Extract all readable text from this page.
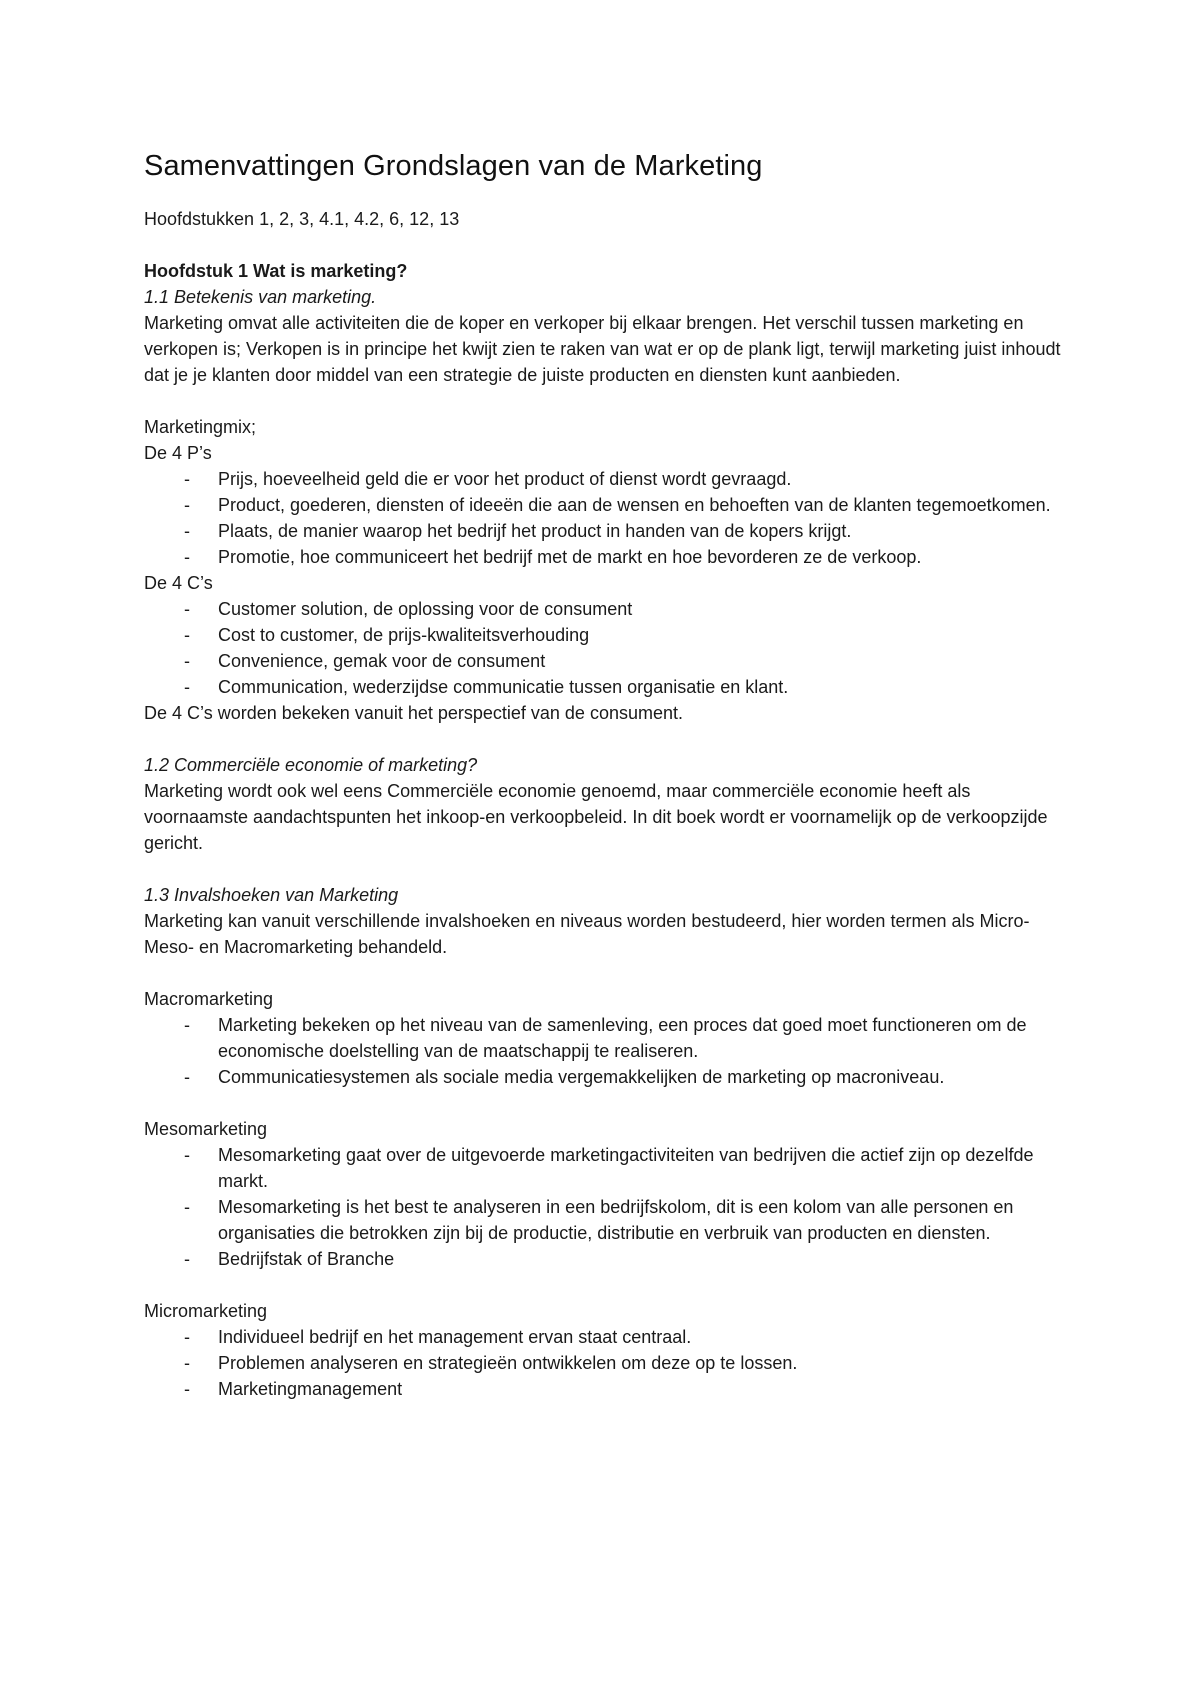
Samenvattingen Grondslagen van de Marketing

Hoofdstukken 1, 2, 3, 4.1, 4.2, 6, 12, 13

Hoofdstuk 1 Wat is marketing?

1.1 Betekenis van marketing.

Marketing omvat alle activiteiten die de koper en verkoper bij elkaar brengen. Het verschil tussen marketing en verkopen is; Verkopen is in principe het kwijt zien te raken van wat er op de plank ligt, terwijl marketing juist inhoudt dat je je klanten door middel van een strategie de juiste producten en diensten kunt aanbieden.

Marketingmix;

De 4 P’s

- Prijs, hoeveelheid geld die er voor het product of dienst wordt gevraagd.
- Product, goederen, diensten of ideeën die aan de wensen en behoeften van de klanten tegemoetkomen.
- Plaats, de manier waarop het bedrijf het product in handen van de kopers krijgt.
- Promotie, hoe communiceert het bedrijf met de markt en hoe bevorderen ze de verkoop.

De 4 C’s

- Customer solution, de oplossing voor de consument
- Cost to customer, de prijs-kwaliteitsverhouding
- Convenience, gemak voor de consument
- Communication, wederzijdse communicatie tussen organisatie en klant.

De 4 C’s worden bekeken vanuit het perspectief van de consument.

1.2 Commerciële economie of marketing?

Marketing wordt ook wel eens Commerciële economie genoemd, maar commerciële economie heeft als voornaamste aandachtspunten het inkoop-en verkoopbeleid. In dit boek wordt er voornamelijk op de verkoopzijde gericht.

1.3 Invalshoeken van Marketing

Marketing kan vanuit verschillende invalshoeken en niveaus worden bestudeerd, hier worden termen als Micro- Meso- en Macromarketing behandeld.

Macromarketing

- Marketing bekeken op het niveau van de samenleving, een proces dat goed moet functioneren om de economische doelstelling van de maatschappij te realiseren.
- Communicatiesystemen als sociale media vergemakkelijken de marketing op macroniveau.

Mesomarketing

- Mesomarketing gaat over de uitgevoerde marketingactiviteiten van bedrijven die actief zijn op dezelfde markt.
- Mesomarketing is het best te analyseren in een bedrijfskolom, dit is een kolom van alle personen en organisaties die betrokken zijn bij de productie, distributie en verbruik van producten en diensten.
- Bedrijfstak of Branche

Micromarketing

- Individueel bedrijf en het management ervan staat centraal.
- Problemen analyseren en strategieën ontwikkelen om deze op te lossen.
- Marketingmanagement
